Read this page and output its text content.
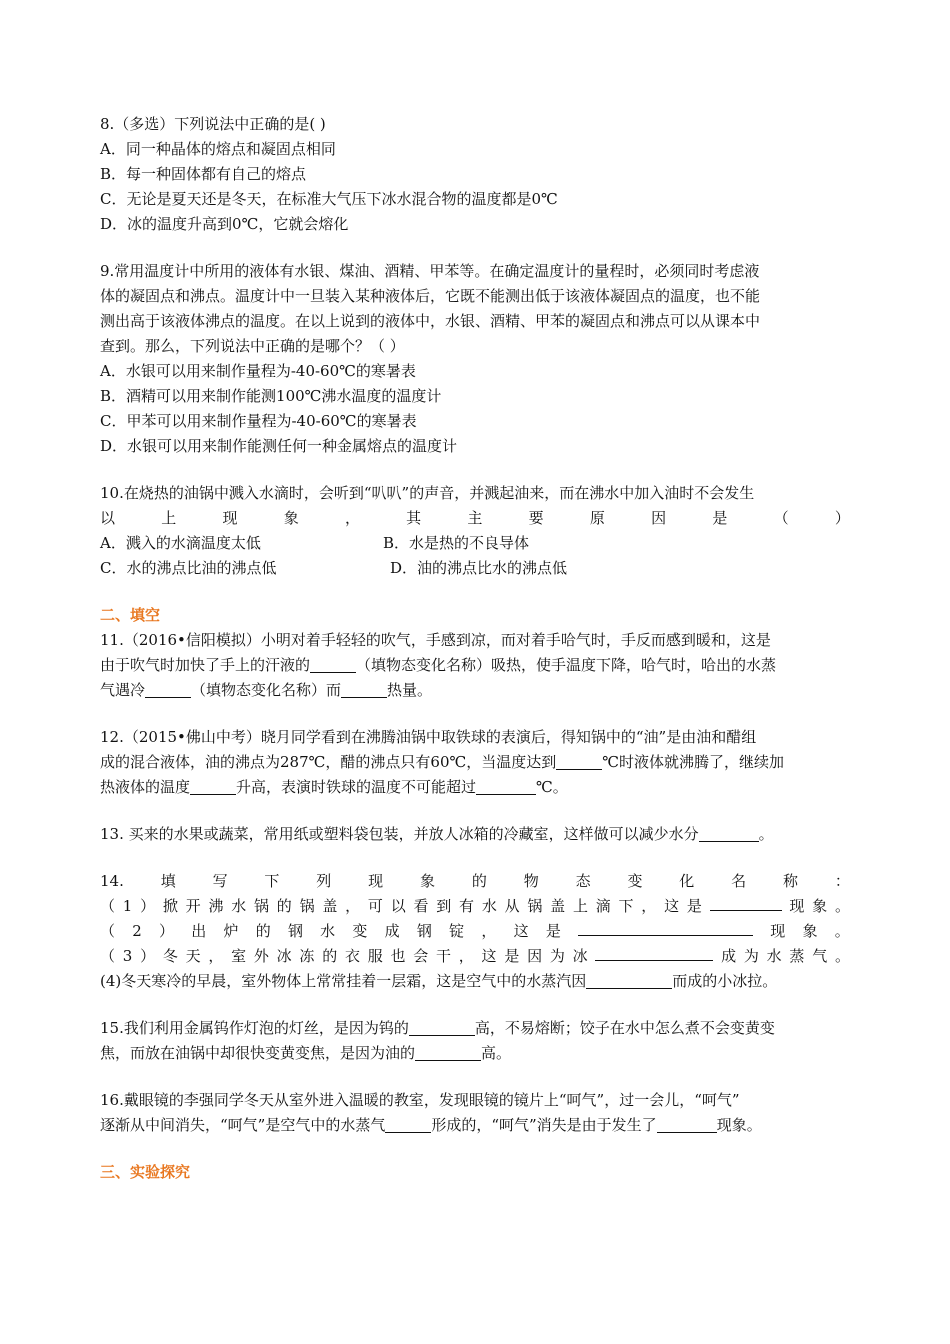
8.（多选）下列说法中正确的是( )
A．同一种晶体的熔点和凝固点相同
B．每一种固体都有自己的熔点
C．无论是夏天还是冬天，在标准大气压下冰水混合物的温度都是0℃
D．冰的温度升高到0℃，它就会熔化
9.常用温度计中所用的液体有水银、煤油、酒精、甲苯等。在确定温度计的量程时，必须同时考虑液
体的凝固点和沸点。温度计中一旦装入某种液体后，它既不能测出低于该液体凝固点的温度，也不能
测出高于该液体沸点的温度。在以上说到的液体中，水银、酒精、甲苯的凝固点和沸点可以从课本中
查到。那么，下列说法中正确的是哪个？（ ）
A．水银可以用来制作量程为-40-60℃的寒暑表
B．酒精可以用来制作能测100℃沸水温度的温度计
C．甲苯可以用来制作量程为-40-60℃的寒暑表
D．水银可以用来制作能测任何一种金属熔点的温度计
10.在烧热的油锅中溅入水滴时，会听到“叭叭”的声音，并溅起油来，而在沸水中加入油时不会发生
以	上	现	象	，	其	主	要	原	因	是	（	）
A．溅入的水滴温度太低	B．水是热的不良导体
C．水的沸点比油的沸点低	D．油的沸点比水的沸点低
二、填空
11.（2016•信阳模拟）小明对着手轻轻的吹气，手感到凉，而对着手哈气时，手反而感到暖和，这是
由于吹气时加快了手上的汗液的	（填物态变化名称）吸热，使手温度下降，哈气时，哈出的水蒸
气遇冷	（填物态变化名称）而	热量。
12.（2015•佛山中考）晓月同学看到在沸腾油锅中取铁球的表演后，得知锅中的“油”是由油和醋组
成的混合液体，油的沸点为287℃，醋的沸点只有60℃，当温度达到	℃时液体就沸腾了，继续加
热液体的温度	升高，表演时铁球的温度不可能超过	℃。
13. 买来的水果或蔬菜，常用纸或塑料袋包装，并放人冰箱的冷藏室，这样做可以减少水分	。
14. 填 写 下 列 现 象 的 物 态 变 化 名 称 ：
（ 1 ） 掀 开 沸 水 锅 的 锅 盖 ， 可 以 看 到 有 水 从 锅 盖 上 滴 下 ， 这 是	现 象 。
（ 2 ） 出 炉 的 钢 水 变 成 钢 锭 ， 这 是	现 象 。
（ 3 ） 冬 天 ， 室 外 冰 冻 的 衣 服 也 会 干 ， 这 是 因 为 冰	成 为 水 蒸 气 。
(4)冬天寒冷的早晨，室外物体上常常挂着一层霜，这是空气中的水蒸汽因	而成的小冰拉。
15.我们利用金属钨作灯泡的灯丝，是因为钨的	高，不易熔断；饺子在水中怎么煮不会变黄变
焦，而放在油锅中却很快变黄变焦，是因为油的	高。
16.戴眼镜的李强同学冬天从室外进入温暖的教室，发现眼镜的镜片上“呵气”，过一会儿，“呵气”
逐渐从中间消失，“呵气”是空气中的水蒸气	形成的，“呵气”消失是由于发生了	现象。
三、实验探究
